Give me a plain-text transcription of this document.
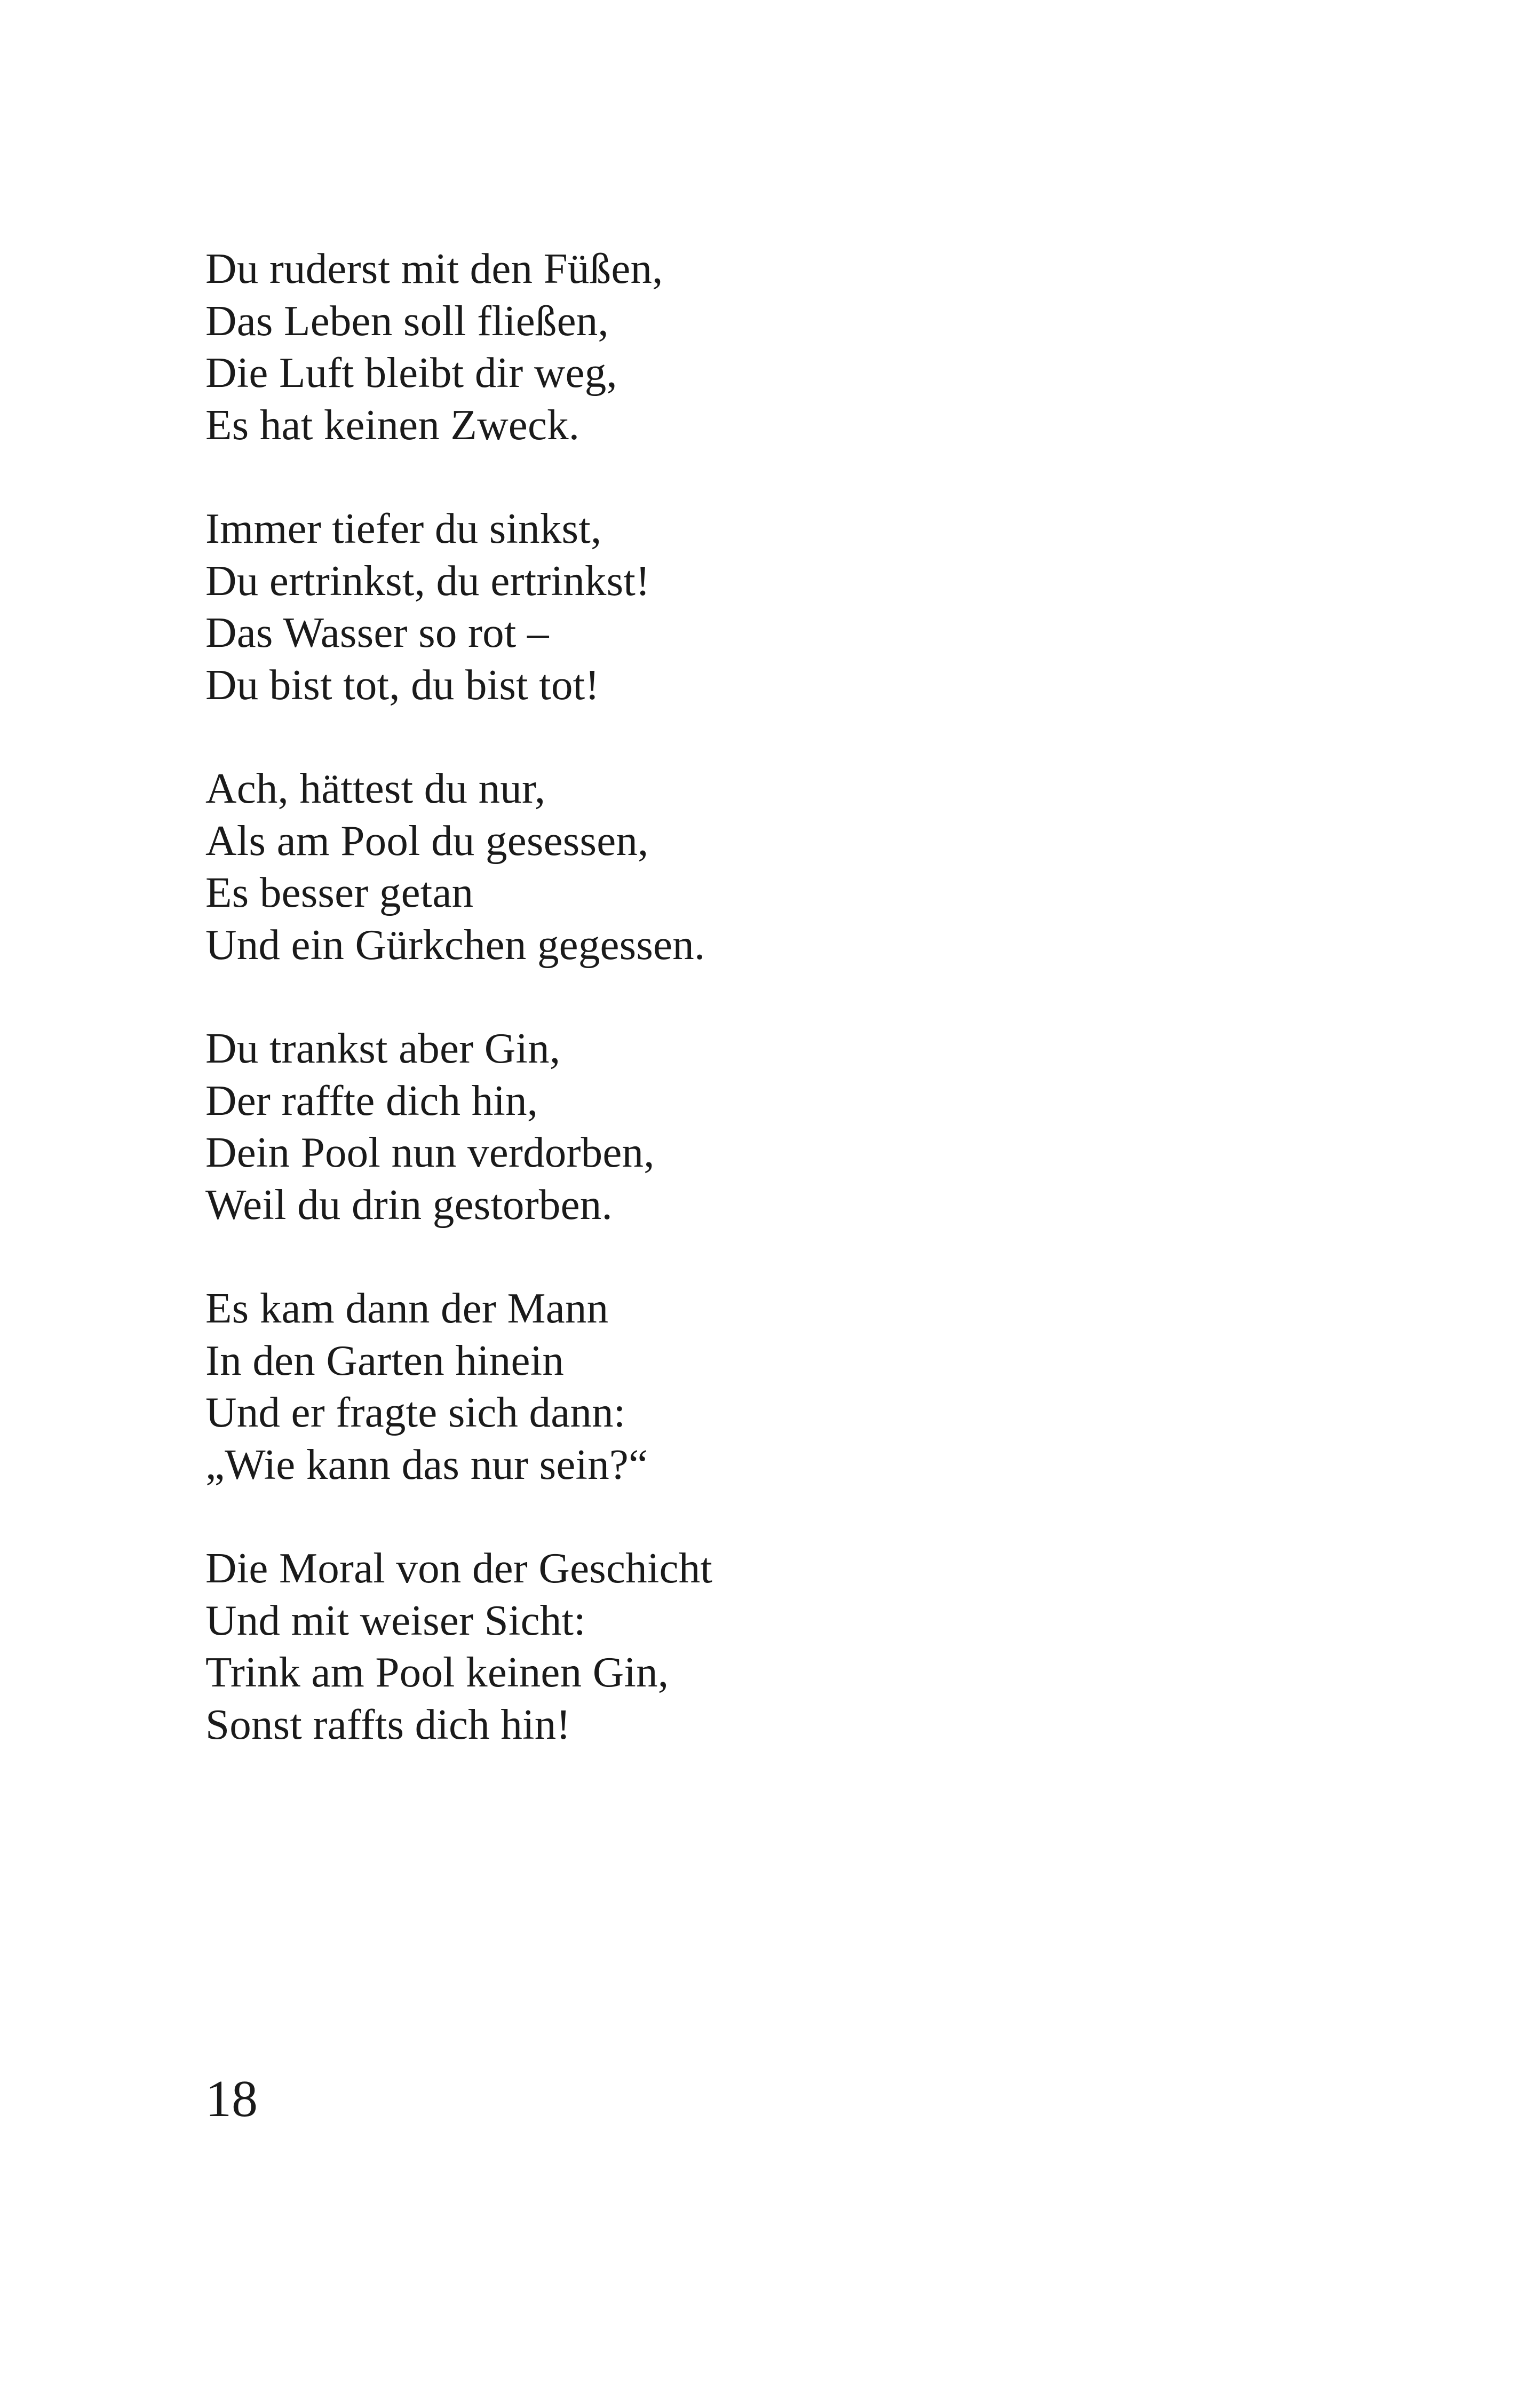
Du ruderst mit den Füßen,
Das Leben soll fließen,
Die Luft bleibt dir weg,
Es hat keinen Zweck.
Immer tiefer du sinkst,
Du ertrinkst, du ertrinkst!
Das Wasser so rot –
Du bist tot, du bist tot!
Ach, hättest du nur,
Als am Pool du gesessen,
Es besser getan
Und ein Gürkchen gegessen.
Du trankst aber Gin,
Der raffte dich hin,
Dein Pool nun verdorben,
Weil du drin gestorben.
Es kam dann der Mann
In den Garten hinein
Und er fragte sich dann:
„Wie kann das nur sein?“
Die Moral von der Geschicht
Und mit weiser Sicht:
Trink am Pool keinen Gin,
Sonst raffts dich hin!
18
